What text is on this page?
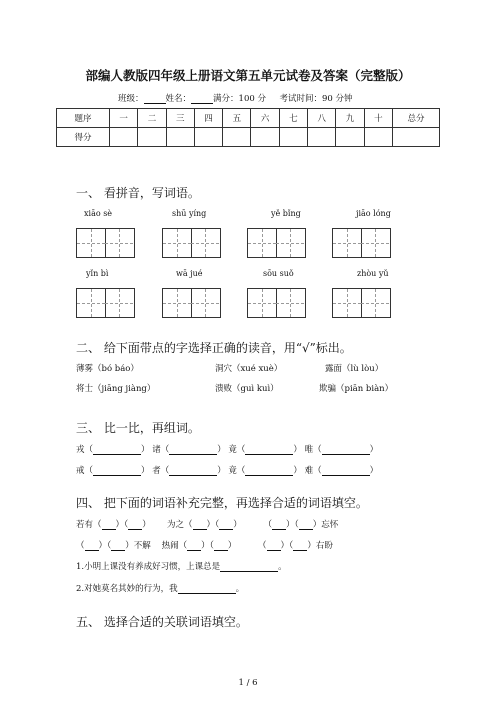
部编人教版四年级上册语文第五单元试卷及答案（完整版）
班级：	姓名：	满分：100 分 考试时间：90 分钟
题序	一	二	三	四	五	六	七	八	九	十	总分
得分											
一、 看拼音，写词语。
xiāo sè	shū yíng	yě bǐng	jiāo lóng
yǐn bì	wā jué	sōu suǒ	zhòu yǔ
二、 给下面带点的字选择正确的读音，用“√”标出。
薄雾（bó báo）	洞穴（xué xuè）	露面（lù lòu）
将士（jiāng jiàng）	溃败（guì kuì）	欺骗（piān biàn）
三、 比一比，再组词。
戎（	） 诸（	） 竟（	） 唯（	）
戒（	） 者（	） 竟（	） 难（	）
四、 把下面的词语补充完整，再选择合适的词语填空。
若有（ ）（ ） 为之（ ）（ ）	（ ）（ ）忘怀
（ ）（ ）不解 热闹（ ）（ ）	（ ）（ ）右盼
1.小明上课没有养成好习惯，上课总是	。
2.对她莫名其妙的行为，我	。
五、 选择合适的关联词语填空。
1 / 6
